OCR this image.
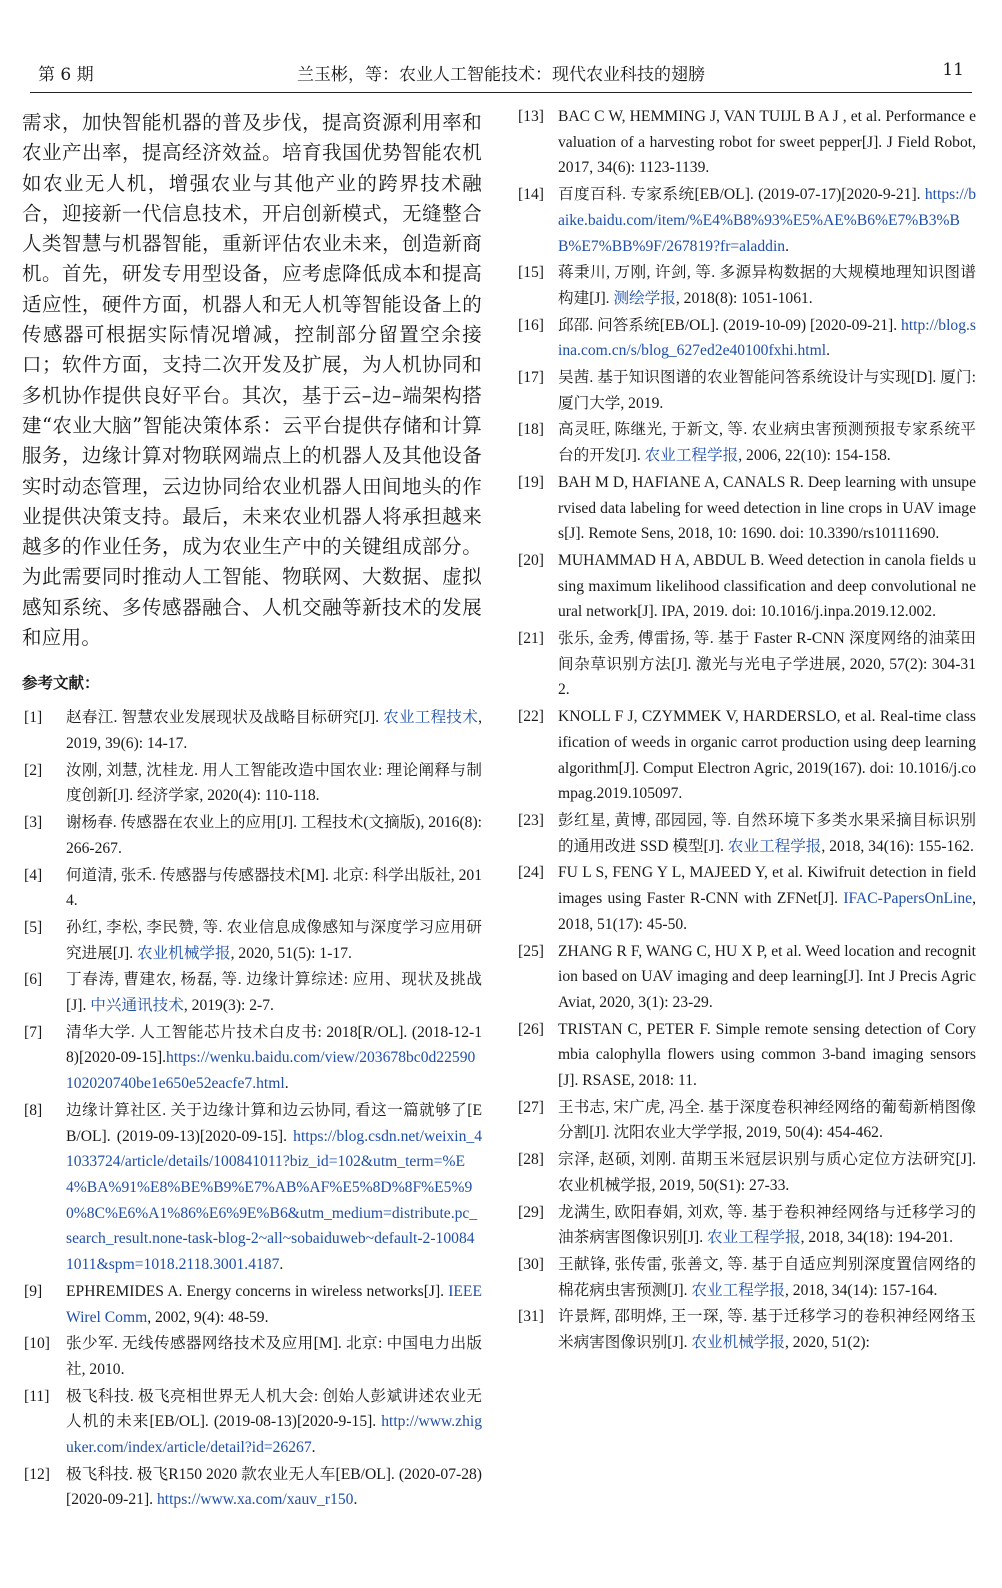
第 6 期	兰玉彬，等：农业人工智能技术：现代农业科技的翅膀	11

需求，加快智能机器的普及步伐，提高资源利用率和农业产出率，提高经济效益。培育我国优势智能农机如农业无人机，增强农业与其他产业的跨界技术融合，迎接新一代信息技术，开启创新模式，无缝整合人类智慧与机器智能，重新评估农业未来，创造新商机。首先，研发专用型设备，应考虑降低成本和提高适应性，硬件方面，机器人和无人机等智能设备上的传感器可根据实际情况增减，控制部分留置空余接口；软件方面，支持二次开发及扩展，为人机协同和多机协作提供良好平台。其次，基于云–边–端架构搭建“农业大脑”智能决策体系：云平台提供存储和计算服务，边缘计算对物联网端点上的机器人及其他设备实时动态管理，云边协同给农业机器人田间地头的作业提供决策支持。最后，未来农业机器人将承担越来越多的作业任务，成为农业生产中的关键组成部分。为此需要同时推动人工智能、物联网、大数据、虚拟感知系统、多传感器融合、人机交融等新技术的发展和应用。

参考文献：
[1]	赵春江. 智慧农业发展现状及战略目标研究[J]. 农业工程技术, 2019, 39(6): 14-17.
[2]	汝刚, 刘慧, 沈桂龙. 用人工智能改造中国农业: 理论阐释与制度创新[J]. 经济学家, 2020(4): 110-118.
[3]	谢杨春. 传感器在农业上的应用[J]. 工程技术(文摘版), 2016(8): 266-267.
[4]	何道清, 张禾. 传感器与传感器技术[M]. 北京: 科学出版社, 2014.
[5]	孙红, 李松, 李民赞, 等. 农业信息成像感知与深度学习应用研究进展[J]. 农业机械学报, 2020, 51(5): 1-17.
[6]	丁春涛, 曹建农, 杨磊, 等. 边缘计算综述: 应用、现状及挑战[J]. 中兴通讯技术, 2019(3): 2-7.
[7]	清华大学. 人工智能芯片技术白皮书: 2018[R/OL]. (2018-12-18)[2020-09-15].https://wenku.baidu.com/view/203678bc0d22590102020740be1e650e52eacfe7.html.
[8]	边缘计算社区. 关于边缘计算和边云协同, 看这一篇就够了[EB/OL]. (2019-09-13)[2020-09-15]. https://blog.csdn.net/weixin_41033724/article/details/100841011?biz_id=102&utm_term=%E4%BA%91%E8%BE%B9%E7%AB%AF%E5%8D%8F%E5%90%8C%E6%A1%86%E6%9E%B6&utm_medium=distribute.pc_search_result.none-task-blog-2~all~sobaiduweb~default-2-100841011&spm=1018.2118.3001.4187.
[9]	EPHREMIDES A. Energy concerns in wireless networks[J]. IEEE Wirel Comm, 2002, 9(4): 48-59.
[10]	张少军. 无线传感器网络技术及应用[M]. 北京: 中国电力出版社, 2010.
[11]	极飞科技. 极飞亮相世界无人机大会: 创始人彭斌讲述农业无人机的未来[EB/OL]. (2019-08-13)[2020-9-15]. http://www.zhiguker.com/index/article/detail?id=26267.
[12]	极飞科技. 极飞R150 2020 款农业无人车[EB/OL]. (2020-07-28)[2020-09-21]. https://www.xa.com/xauv_r150.
[13] BAC C W, HEMMING J, VAN TUIJL B A J , et al. Performance evaluation of a harvesting robot for sweet pepper[J]. J Field Robot, 2017, 34(6): 1123-1139.
[14] 百度百科. 专家系统[EB/OL]. (2019-07-17)[2020-9-21]. https://baike.baidu.com/item/%E4%B8%93%E5%AE%B6%E7%B3%BB%E7%BB%9F/267819?fr=aladdin.
[15] 蒋秉川, 万刚, 许剑, 等. 多源异构数据的大规模地理知识图谱构建[J]. 测绘学报, 2018(8): 1051-1061.
[16] 邱邵. 问答系统[EB/OL]. (2019-10-09) [2020-09-21]. http://blog.sina.com.cn/s/blog_627ed2e40100fxhi.html.
[17] 吴茜. 基于知识图谱的农业智能问答系统设计与实现[D]. 厦门: 厦门大学, 2019.
[18] 高灵旺, 陈继光, 于新文, 等. 农业病虫害预测预报专家系统平台的开发[J]. 农业工程学报, 2006, 22(10): 154-158.
[19] BAH M D, HAFIANE A, CANALS R. Deep learning with unsupervised data labeling for weed detection in line crops in UAV images[J]. Remote Sens, 2018, 10: 1690. doi: 10.3390/rs10111690.
[20] MUHAMMAD H A, ABDUL B. Weed detection in canola fields using maximum likelihood classification and deep convolutional neural network[J]. IPA, 2019. doi: 10.1016/j.inpa.2019.12.002.
[21] 张乐, 金秀, 傅雷扬, 等. 基于 Faster R-CNN 深度网络的油菜田间杂草识别方法[J]. 激光与光电子学进展, 2020, 57(2): 304-312.
[22] KNOLL F J, CZYMMEK V, HARDERSLO, et al. Real-time classification of weeds in organic carrot production using deep learning algorithm[J]. Comput Electron Agric, 2019(167). doi: 10.1016/j.compag.2019.105097.
[23] 彭红星, 黄博, 邵园园, 等. 自然环境下多类水果采摘目标识别的通用改进 SSD 模型[J]. 农业工程学报, 2018, 34(16): 155-162.
[24] FU L S, FENG Y L, MAJEED Y, et al. Kiwifruit detection in field images using Faster R-CNN with ZFNet[J]. IFAC-PapersOnLine, 2018, 51(17): 45-50.
[25] ZHANG R F, WANG C, HU X P, et al. Weed location and recognition based on UAV imaging and deep learning[J]. Int J Precis Agric Aviat, 2020, 3(1): 23-29.
[26] TRISTAN C, PETER F. Simple remote sensing detection of Corymbia calophylla flowers using common 3-band imaging sensors[J]. RSASE, 2018: 11.
[27] 王书志, 宋广虎, 冯全. 基于深度卷积神经网络的葡萄新梢图像分割[J]. 沈阳农业大学学报, 2019, 50(4): 454-462.
[28] 宗泽, 赵硕, 刘刚. 苗期玉米冠层识别与质心定位方法研究[J]. 农业机械学报, 2019, 50(S1): 27-33.
[29] 龙满生, 欧阳春娟, 刘欢, 等. 基于卷积神经网络与迁移学习的油茶病害图像识别[J]. 农业工程学报, 2018, 34(18): 194-201.
[30] 王献锋, 张传雷, 张善文, 等. 基于自适应判别深度置信网络的棉花病虫害预测[J]. 农业工程学报, 2018, 34(14): 157-164.
[31] 许景辉, 邵明烨, 王一琛, 等. 基于迁移学习的卷积神经网络玉米病害图像识别[J]. 农业机械学报, 2020, 51(2):
